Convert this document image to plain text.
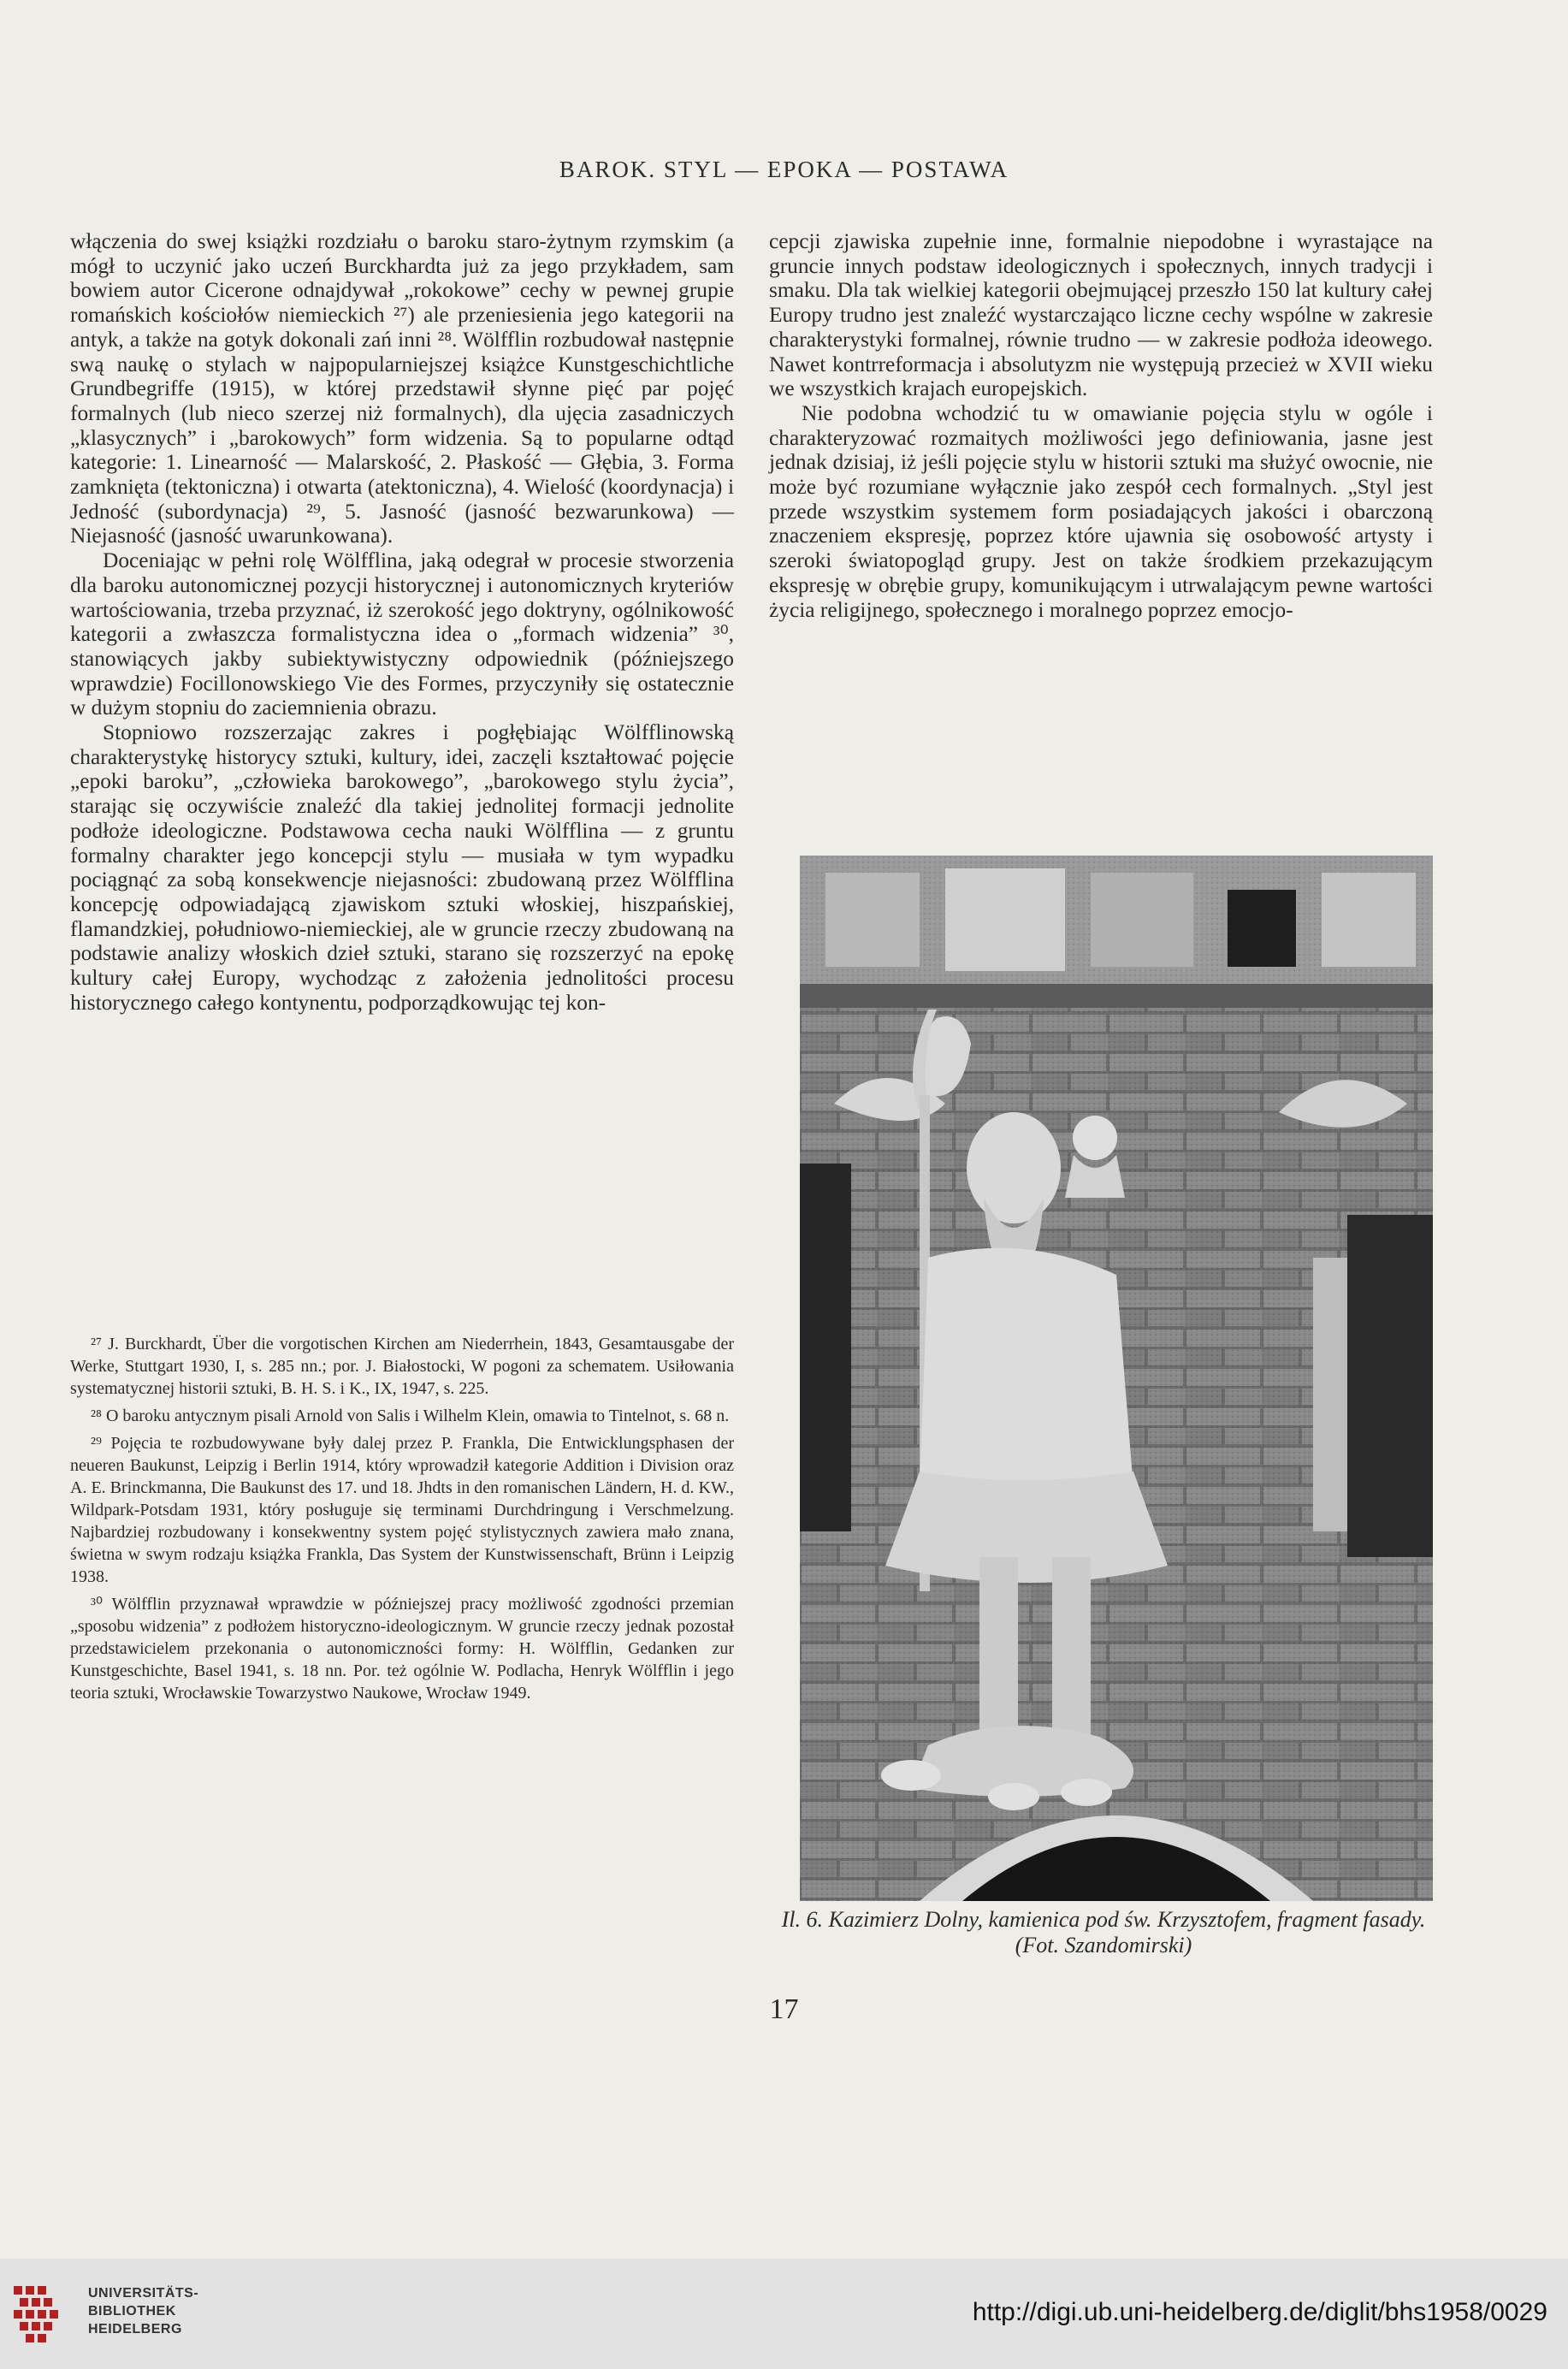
BAROK. STYL — EPOKA — POSTAWA

włączenia do swej książki rozdziału o baroku staro-żytnym rzymskim (a mógł to uczynić jako uczeń Burckhardta już za jego przykładem, sam bowiem autor Cicerone odnajdywał „rokokowe” cechy w pewnej grupie romańskich kościołów niemieckich ²⁷) ale przeniesienia jego kategorii na antyk, a także na gotyk dokonali zań inni ²⁸. Wölfflin rozbudował następnie swą naukę o stylach w najpopularniejszej książce Kunstgeschichtliche Grundbegriffe (1915), w której przedstawił słynne pięć par pojęć formalnych (lub nieco szerzej niż formalnych), dla ujęcia zasadniczych „klasycznych” i „barokowych” form widzenia. Są to popularne odtąd kategorie: 1. Linearność — Malarskość, 2. Płaskość — Głębia, 3. Forma zamknięta (tektoniczna) i otwarta (atektoniczna), 4. Wielość (koordynacja) i Jedność (subordynacja) ²⁹, 5. Jasność (jasność bezwarunkowa) — Niejasność (jasność uwarunkowana).

Doceniając w pełni rolę Wölfflina, jaką odegrał w procesie stworzenia dla baroku autonomicznej pozycji historycznej i autonomicznych kryteriów wartościowania, trzeba przyznać, iż szerokość jego doktryny, ogólnikowość kategorii a zwłaszcza formalistyczna idea o „formach widzenia” ³⁰, stanowiących jakby subiektywistyczny odpowiednik (późniejszego wprawdzie) Focillonowskiego Vie des Formes, przyczyniły się ostatecznie w dużym stopniu do zaciemnienia obrazu.

Stopniowo rozszerzając zakres i pogłębiając Wölfflinowską charakterystykę historycy sztuki, kultury, idei, zaczęli kształtować pojęcie „epoki baroku”, „człowieka barokowego”, „barokowego stylu życia”, starając się oczywiście znaleźć dla takiej jednolitej formacji jednolite podłoże ideologiczne. Podstawowa cecha nauki Wölfflina — z gruntu formalny charakter jego koncepcji stylu — musiała w tym wypadku pociągnąć za sobą konsekwencje niejasności: zbudowaną przez Wölfflina koncepcję odpowiadającą zjawiskom sztuki włoskiej, hiszpańskiej, flamandzkiej, południowo-niemieckiej, ale w gruncie rzeczy zbudowaną na podstawie analizy włoskich dzieł sztuki, starano się rozszerzyć na epokę kultury całej Europy, wychodząc z założenia jednolitości procesu historycznego całego kontynentu, podporządkowując tej kon-

cepcji zjawiska zupełnie inne, formalnie niepodobne i wyrastające na gruncie innych podstaw ideologicznych i społecznych, innych tradycji i smaku. Dla tak wielkiej kategorii obejmującej przeszło 150 lat kultury całej Europy trudno jest znaleźć wystarczająco liczne cechy wspólne w zakresie charakterystyki formalnej, równie trudno — w zakresie podłoża ideowego. Nawet kontrreformacja i absolutyzm nie występują przecież w XVII wieku we wszystkich krajach europejskich.

Nie podobna wchodzić tu w omawianie pojęcia stylu w ogóle i charakteryzować rozmaitych możliwości jego definiowania, jasne jest jednak dzisiaj, iż jeśli pojęcie stylu w historii sztuki ma służyć owocnie, nie może być rozumiane wyłącznie jako zespół cech formalnych. „Styl jest przede wszystkim systemem form posiadających jakości i obarczoną znaczeniem ekspresję, poprzez które ujawnia się osobowość artysty i szeroki światopogląd grupy. Jest on także środkiem przekazującym ekspresję w obrębie grupy, komunikującym i utrwalającym pewne wartości życia religijnego, społecznego i moralnego poprzez emocjo-

²⁷ J. Burckhardt, Über die vorgotischen Kirchen am Niederrhein, 1843, Gesamtausgabe der Werke, Stuttgart 1930, I, s. 285 nn.; por. J. Białostocki, W pogoni za schematem. Usiłowania systematycznej historii sztuki, B. H. S. i K., IX, 1947, s. 225.

²⁸ O baroku antycznym pisali Arnold von Salis i Wilhelm Klein, omawia to Tintelnot, s. 68 n.

²⁹ Pojęcia te rozbudowywane były dalej przez P. Frankla, Die Entwicklungsphasen der neueren Baukunst, Leipzig i Berlin 1914, który wprowadził kategorie Addition i Division oraz A. E. Brinckmanna, Die Baukunst des 17. und 18. Jhdts in den romanischen Ländern, H. d. KW., Wildpark-Potsdam 1931, który posługuje się terminami Durchdringung i Verschmelzung. Najbardziej rozbudowany i konsekwentny system pojęć stylistycznych zawiera mało znana, świetna w swym rodzaju książka Frankla, Das System der Kunstwissenschaft, Brünn i Leipzig 1938.

³⁰ Wölfflin przyznawał wprawdzie w późniejszej pracy możliwość zgodności przemian „sposobu widzenia” z podłożem historyczno-ideologicznym. W gruncie rzeczy jednak pozostał przedstawicielem przekonania o autonomiczności formy: H. Wölfflin, Gedanken zur Kunstgeschichte, Basel 1941, s. 18 nn. Por. też ogólnie W. Podlacha, Henryk Wölfflin i jego teoria sztuki, Wrocławskie Towarzystwo Naukowe, Wrocław 1949.

Il. 6. Kazimierz Dolny, kamienica pod św. Krzysztofem, fragment fasady. (Fot. Szandomirski)
17
UNIVERSITÄTS-
BIBLIOTHEK
HEIDELBERG
http://digi.ub.uni-heidelberg.de/diglit/bhs1958/0029
